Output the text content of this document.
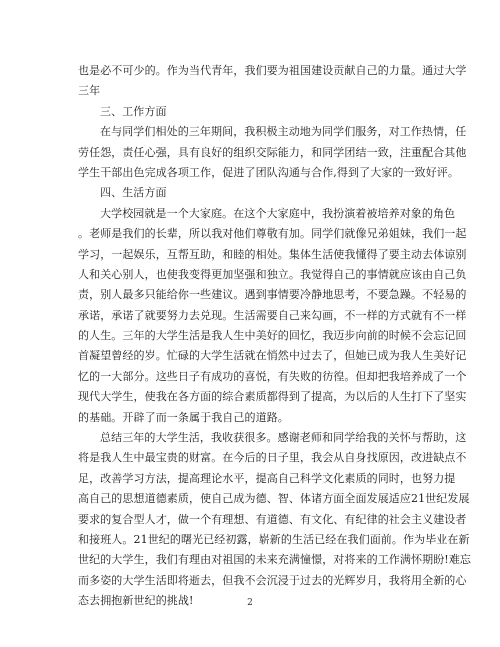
也是必不可少的。作为当代青年，我们要为祖国建设贡献自己的力量。通过大学
三年
三、工作方面
在与同学们相处的三年期间，我积极主动地为同学们服务，对工作热情，任
劳任怨，责任心强，具有良好的组织交际能力，和同学团结一致，注重配合其他
学生干部出色完成各项工作，促进了团队沟通与合作,得到了大家的一致好评。
四、生活方面
大学校园就是一个大家庭。在这个大家庭中，我扮演着被培养对象的角色
。老师是我们的长辈，所以我对他们尊敬有加。同学们就像兄弟姐妹，我们一起
学习，一起娱乐，互帮互助，和睦的相处。集体生活使我懂得了要主动去体谅别
人和关心别人，也使我变得更加坚强和独立。我觉得自己的事情就应该由自己负
责，别人最多只能给你一些建议。遇到事情要冷静地思考，不要急躁。不轻易的
承诺，承诺了就要努力去兑现。生活需要自己来勾画，不一样的方式就有不一样
的人生。三年的大学生活是我人生中美好的回忆，我迈步向前的时候不会忘记回
首凝望曾经的岁。忙碌的大学生活就在悄然中过去了，但她已成为我人生美好记
忆的一大部分。这些日子有成功的喜悦，有失败的彷徨。但却把我培养成了一个
现代大学生，使我在各方面的综合素质都得到了提高，为以后的人生打下了坚实
的基础。开辟了而一条属于我自己的道路。
总结三年的大学生活，我收获很多。感谢老师和同学给我的关怀与帮助，这
将是我人生中最宝贵的财富。在今后的日子里，我会从自身找原因，改进缺点不
足，改善学习方法，提高理论水平，提高自己科学文化素质的同时，也努力提
高自己的思想道德素质，使自己成为德、智、体诸方面全面发展适应21世纪发展
要求的复合型人才，做一个有理想、有道德、有文化、有纪律的社会主义建设者
和接班人。21世纪的曙光已经初露，崭新的生活已经在我们面前。作为毕业在新
世纪的大学生，我们有理由对祖国的未来充满憧憬，对将来的工作满怀期盼!难忘
而多姿的大学生活即将逝去，但我不会沉浸于过去的光辉岁月，我将用全新的心
态去拥抱新世纪的挑战!	2
